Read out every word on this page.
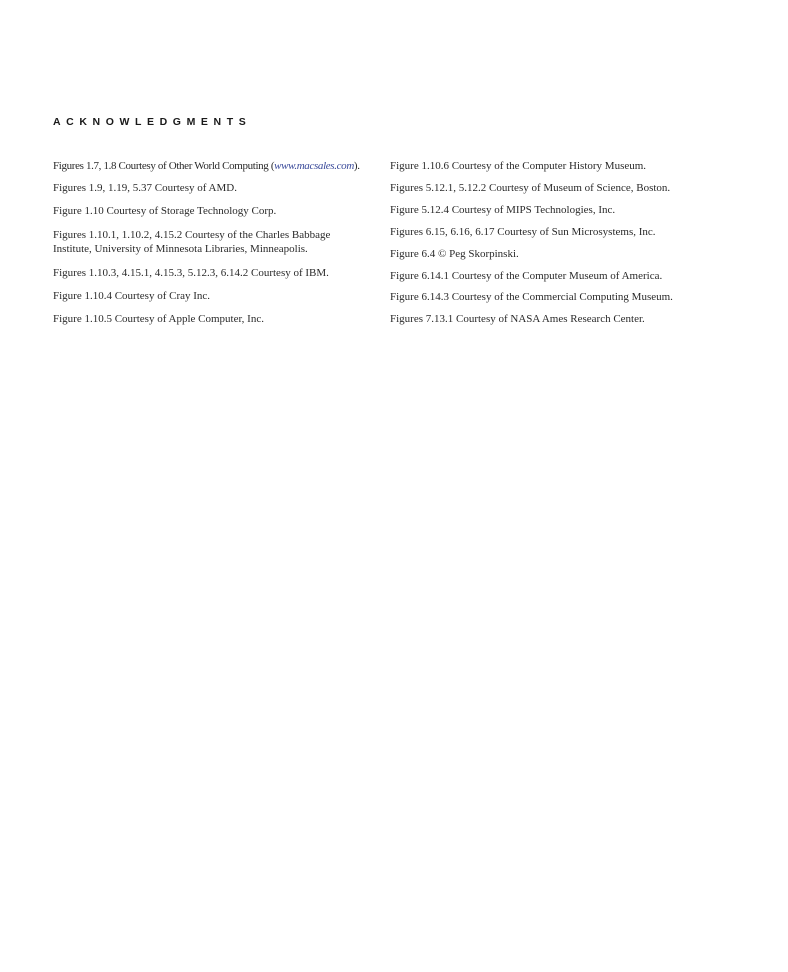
ACKNOWLEDGMENTS

Figures 1.7, 1.8 Courtesy of Other World Computing (www.macsales.com).

Figures 1.9, 1.19, 5.37 Courtesy of AMD.

Figure 1.10 Courtesy of Storage Technology Corp.

Figures 1.10.1, 1.10.2, 4.15.2 Courtesy of the Charles Babbage
Institute, University of Minnesota Libraries, Minneapolis.

Figures 1.10.3, 4.15.1, 4.15.3, 5.12.3, 6.14.2 Courtesy of IBM.

Figure 1.10.4 Courtesy of Cray Inc.

Figure 1.10.5 Courtesy of Apple Computer, Inc.

Figure 1.10.6 Courtesy of the Computer History Museum.

Figures 5.12.1, 5.12.2 Courtesy of Museum of Science, Boston.

Figure 5.12.4 Courtesy of MIPS Technologies, Inc.

Figures 6.15, 6.16, 6.17 Courtesy of Sun Microsystems, Inc.

Figure 6.4 © Peg Skorpinski.

Figure 6.14.1 Courtesy of the Computer Museum of America.

Figure 6.14.3 Courtesy of the Commercial Computing Museum.

Figures 7.13.1 Courtesy of NASA Ames Research Center.
